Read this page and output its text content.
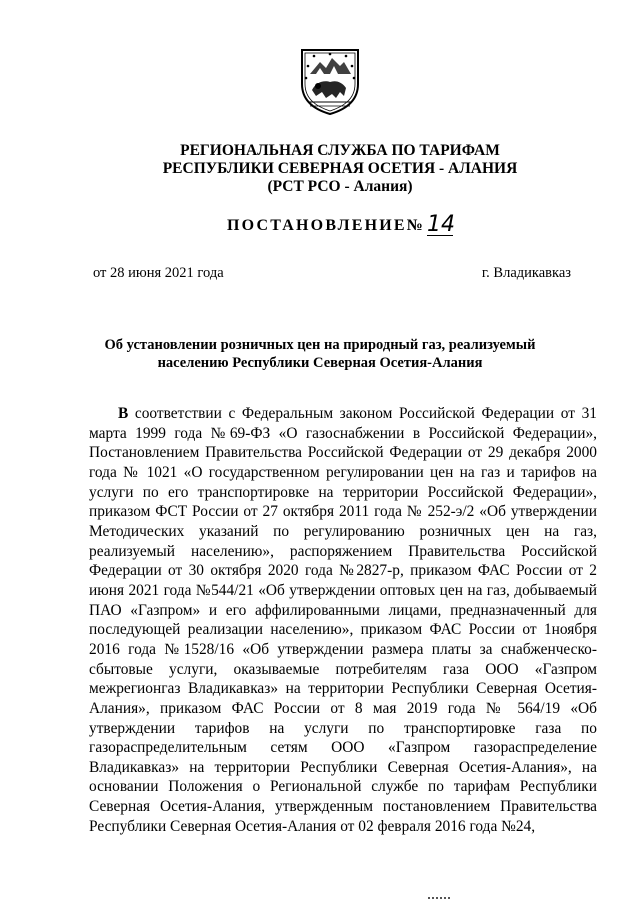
РЕГИОНАЛЬНАЯ СЛУЖБА ПО ТАРИФАМ
РЕСПУБЛИКИ СЕВЕРНАЯ ОСЕТИЯ - АЛАНИЯ
(РСТ РСО - Алания)
ПОСТАНОВЛЕНИЕ№14
от 28 июня 2021 года	г. Владикавказ
Об установлении розничных цен на природный газ, реализуемый населению Республики Северная Осетия-Алания
В соответствии с Федеральным законом Российской Федерации от 31 марта 1999 года №69-ФЗ «О газоснабжении в Российской Федерации», Постановлением Правительства Российской Федерации от 29 декабря 2000 года № 1021 «О государственном регулировании цен на газ и тарифов на услуги по его транспортировке на территории Российской Федерации», приказом ФСТ России от 27 октября 2011 года № 252-э/2 «Об утверждении Методических указаний по регулированию розничных цен на газ, реализуемый населению», распоряжением Правительства Российской Федерации от 30 октября 2020 года №2827-р, приказом ФАС России от 2 июня 2021 года №544/21 «Об утверждении оптовых цен на газ, добываемый ПАО «Газпром» и его аффилированными лицами, предназначенный для последующей реализации населению», приказом ФАС России от 1ноября 2016 года №1528/16 «Об утверждении размера платы за снабженческо-сбытовые услуги, оказываемые потребителям газа ООО «Газпром межрегионгаз Владикавказ» на территории Республики Северная Осетия-Алания», приказом ФАС России от 8 мая 2019 года № 564/19 «Об утверждении тарифов на услуги по транспортировке газа по газораспределительным сетям ООО «Газпром газораспределение Владикавказ» на территории Республики Северная Осетия-Алания», на основании Положения о Региональной службе по тарифам Республики Северная Осетия-Алания, утвержденным постановлением Правительства Республики Северная Осетия-Алания от 02 февраля 2016 года №24,
